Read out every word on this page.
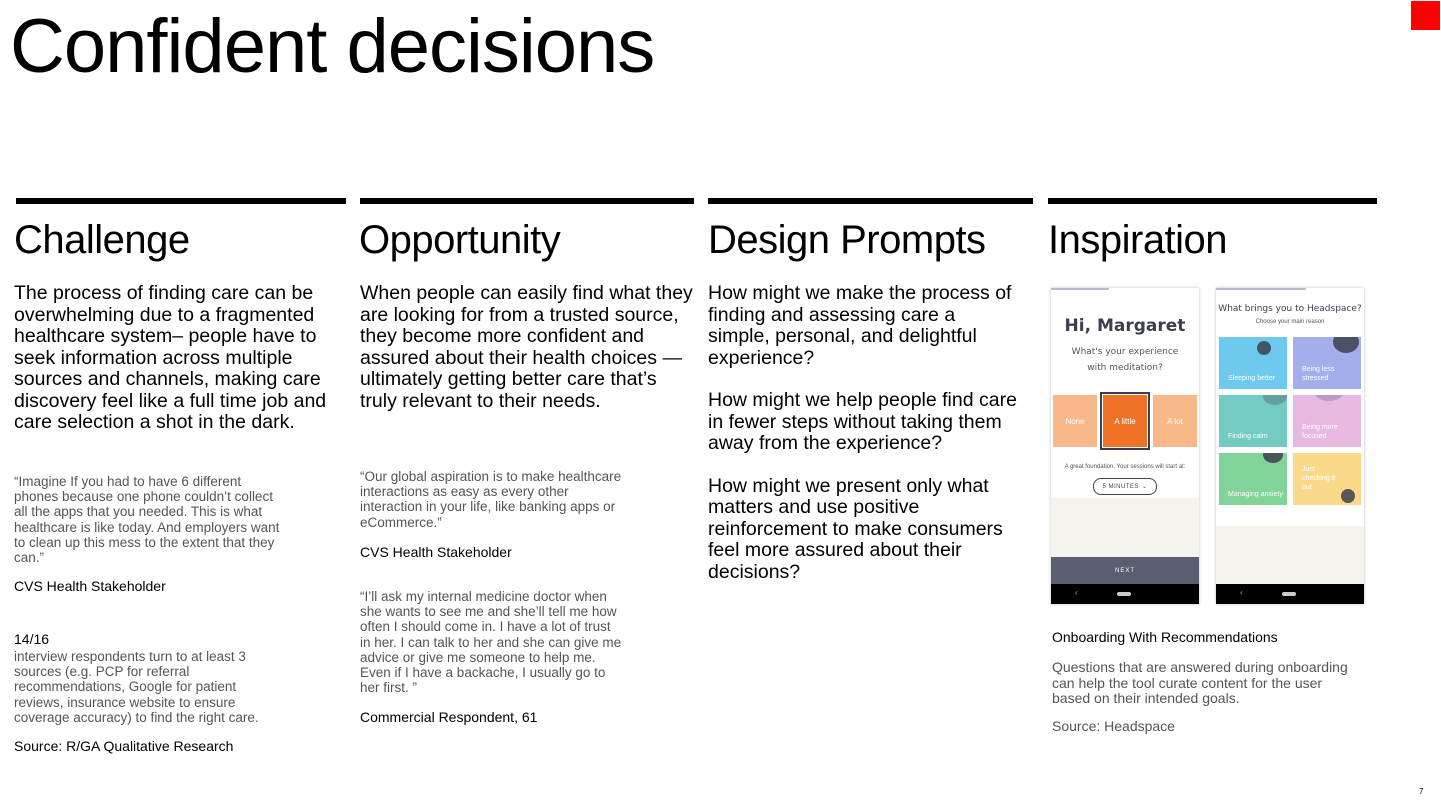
Confident decisions
Challenge

The process of finding care can be overwhelming due to a fragmented healthcare system– people have to seek information across multiple sources and channels, making care discovery feel like a full time job and care selection a shot in the dark.

“Imagine If you had to have 6 different phones because one phone couldn’t collect all the apps that you needed. This is what healthcare is like today. And employers want to clean up this mess to the extent that they can.”

CVS Health Stakeholder

14/16

interview respondents turn to at least 3 sources (e.g. PCP for referral recommendations, Google for patient reviews, insurance website to ensure coverage accuracy) to find the right care.

Source: R/GA Qualitative Research

Opportunity

When people can easily find what they are looking for from a trusted source, they become more confident and assured about their health choices — ultimately getting better care that’s truly relevant to their needs.

“Our global aspiration is to make healthcare interactions as easy as every other interaction in your life, like banking apps or eCommerce.”

CVS Health Stakeholder

“I’ll ask my internal medicine doctor when she wants to see me and she’ll tell me how often I should come in. I have a lot of trust in her. I can talk to her and she can give me advice or give me someone to help me. Even if I have a backache, I usually go to her first. ”

Commercial Respondent, 61

Design Prompts

How might we make the process of finding and assessing care a simple, personal, and delightful experience?

How might we help people find care in fewer steps without taking them away from the experience?

How might we present only what matters and use positive reinforcement to make consumers feel more assured about their decisions?

Inspiration
Hi, Margaret
What's your experience with meditation?
None	A little	A lot
A great foundation. Your sessions will start at:
5 MINUTES ⌄
NEXT
‹
What brings you to Headspace?
Choose your main reason
Sleeping better
Being less stressed
Finding calm
Being more focused
Managing anxiety
Just checking it out
‹

Onboarding With Recommendations

Questions that are answered during onboarding can help the tool curate content for the user based on their intended goals.

Source: Headspace

7
